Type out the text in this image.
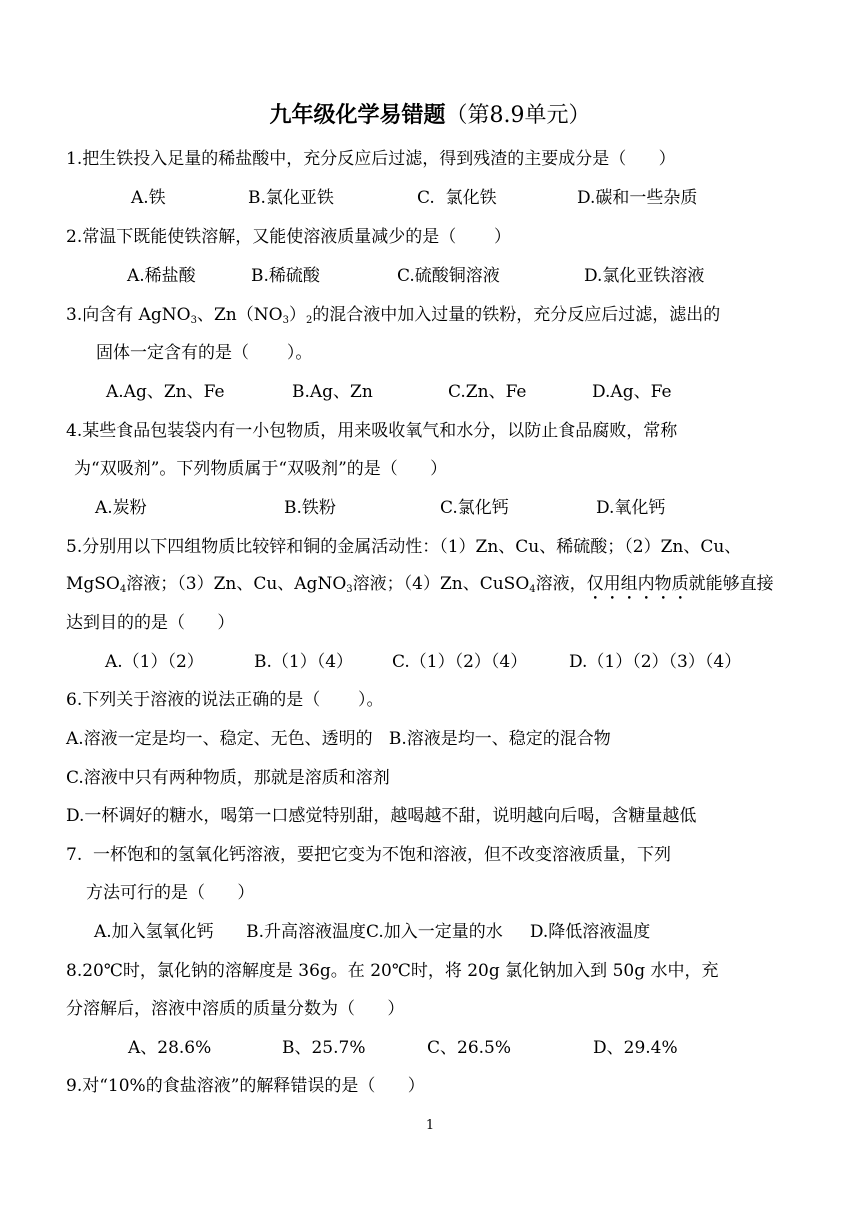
九年级化学易错题（第8.9单元）
1.把生铁投入足量的稀盐酸中，充分反应后过滤，得到残渣的主要成分是（      ）
A.铁	B.氯化亚铁	C.  氯化铁	D.碳和一些杂质
2.常温下既能使铁溶解，又能使溶液质量减少的是（       ）
A.稀盐酸	B.稀硫酸	C.硫酸铜溶液	D.氯化亚铁溶液
3.向含有 AgNO$_3$、$Zn(NO_3)_2$的混合液中加入过量的铁粉，充分反应后过滤，滤出的
固体一定含有的是（       ）。
A.Ag、Zn、Fe	B.Ag、Zn	C.Zn、Fe	D.Ag、Fe
4.某些食品包装袋内有一小包物质，用来吸收氧气和水分，以防止食品腐败，常称
为“双吸剂”。下列物质属于“双吸剂”的是（      ）
A.炭粉	B.铁粉	C.氯化钙	D.氧化钙
5.分别用以下四组物质比较锌和铜的金属活动性：（1）Zn、Cu、稀硫酸；（2）Zn、Cu、
MgSO$_4$溶液；（3）Zn、Cu、AgNO$_3$溶液；（4）Zn、CuSO$_4$溶液，仅用组内物质就能够直接
达到目的的是（      ）
A.（1）（2）	B.（1）（4） C.（1）（2）（4） D.（1）（2）（3）（4）
6.下列关于溶液的说法正确的是（       ）。
A.溶液一定是均一、稳定、无色、透明的   B.溶液是均一、稳定的混合物
C.溶液中只有两种物质，那就是溶质和溶剂
D.一杯调好的糖水，喝第一口感觉特别甜，越喝越不甜，说明越向后喝，含糖量越低
7.  一杯饱和的氢氧化钙溶液，要把它变为不饱和溶液，但不改变溶液质量，下列
方法可行的是（      ）
A.加入氢氧化钙      B.升高溶液温度C.加入一定量的水     D.降低溶液温度
8.20℃时，氯化钠的溶解度是 36g。在 20℃时，将 20g 氯化钠加入到 50g 水中，充
分溶解后，溶液中溶质的质量分数为（      ）
A、28.6%	B、25.7%	C、26.5%	D、29.4%
9.对“10%的食盐溶液”的解释错误的是（      ）
1
